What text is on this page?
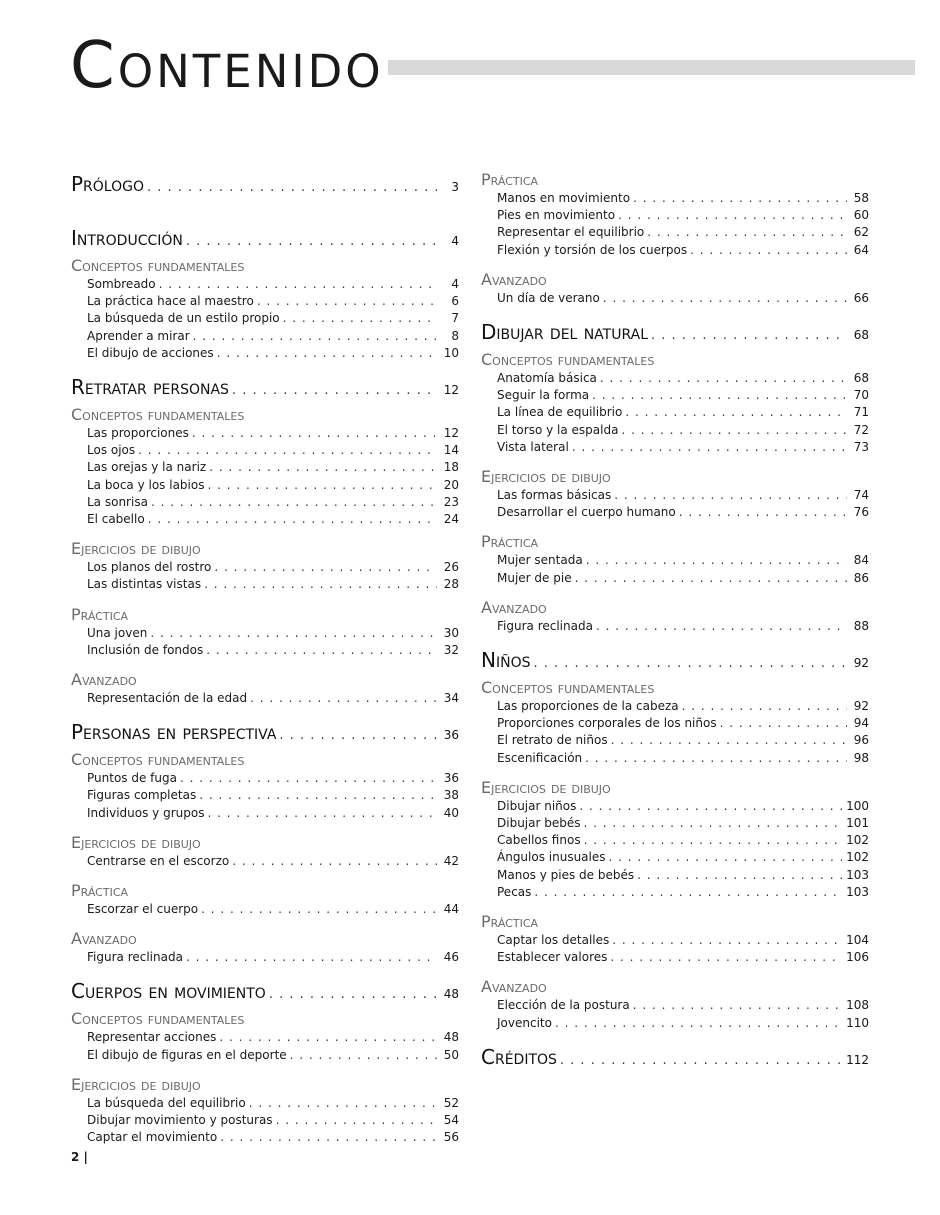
Contenido
Prólogo . . .	3
Introducción . . .	4
Conceptos fundamentales
Sombreado . . .	4
La práctica hace al maestro . . .	6
La búsqueda de un estilo propio . . .	7
Aprender a mirar . . .	8
El dibujo de acciones . . .	10
Retratar personas . . .	12
Conceptos fundamentales
Las proporciones . . .	12
Los ojos . . .	14
Las orejas y la nariz . . .	18
La boca y los labios . . .	20
La sonrisa . . .	23
El cabello . . .	24
Ejercicios de dibujo
Los planos del rostro . . .	26
Las distintas vistas . . .	28
Práctica
Una joven . . .	30
Inclusión de fondos . . .	32
Avanzado
Representación de la edad . . .	34
Personas en perspectiva . . .	36
Conceptos fundamentales
Puntos de fuga . . .	36
Figuras completas . . .	38
Individuos y grupos . . .	40
Ejercicios de dibujo
Centrarse en el escorzo . . .	42
Práctica
Escorzar el cuerpo . . .	44
Avanzado
Figura reclinada . . .	46
Cuerpos en movimiento . . .	48
Conceptos fundamentales
Representar acciones . . .	48
El dibujo de figuras en el deporte . . .	50
Ejercicios de dibujo
La búsqueda del equilibrio . . .	52
Dibujar movimiento y posturas . . .	54
Captar el movimiento . . .	56
Práctica
Manos en movimiento . . .	58
Pies en movimiento . . .	60
Representar el equilibrio . . .	62
Flexión y torsión de los cuerpos . . .	64
Avanzado
Un día de verano . . .	66
Dibujar del natural . . .	68
Conceptos fundamentales
Anatomía básica . . .	68
Seguir la forma . . .	70
La línea de equilibrio . . .	71
El torso y la espalda . . .	72
Vista lateral . . .	73
Ejercicios de dibujo
Las formas básicas . . .	74
Desarrollar el cuerpo humano . . .	76
Práctica
Mujer sentada . . .	84
Mujer de pie . . .	86
Avanzado
Figura reclinada . . .	88
Niños . . .	92
Conceptos fundamentales
Las proporciones de la cabeza . . .	92
Proporciones corporales de los niños . . .	94
El retrato de niños . . .	96
Escenificación . . .	98
Ejercicios de dibujo
Dibujar niños . . .	100
Dibujar bebés . . .	101
Cabellos finos . . .	102
Ángulos inusuales . . .	102
Manos y pies de bebés . . .	103
Pecas . . .	103
Práctica
Captar los detalles . . .	104
Establecer valores . . .	106
Avanzado
Elección de la postura . . .	108
Jovencito . . .	110
Créditos . . .	112
2 |
